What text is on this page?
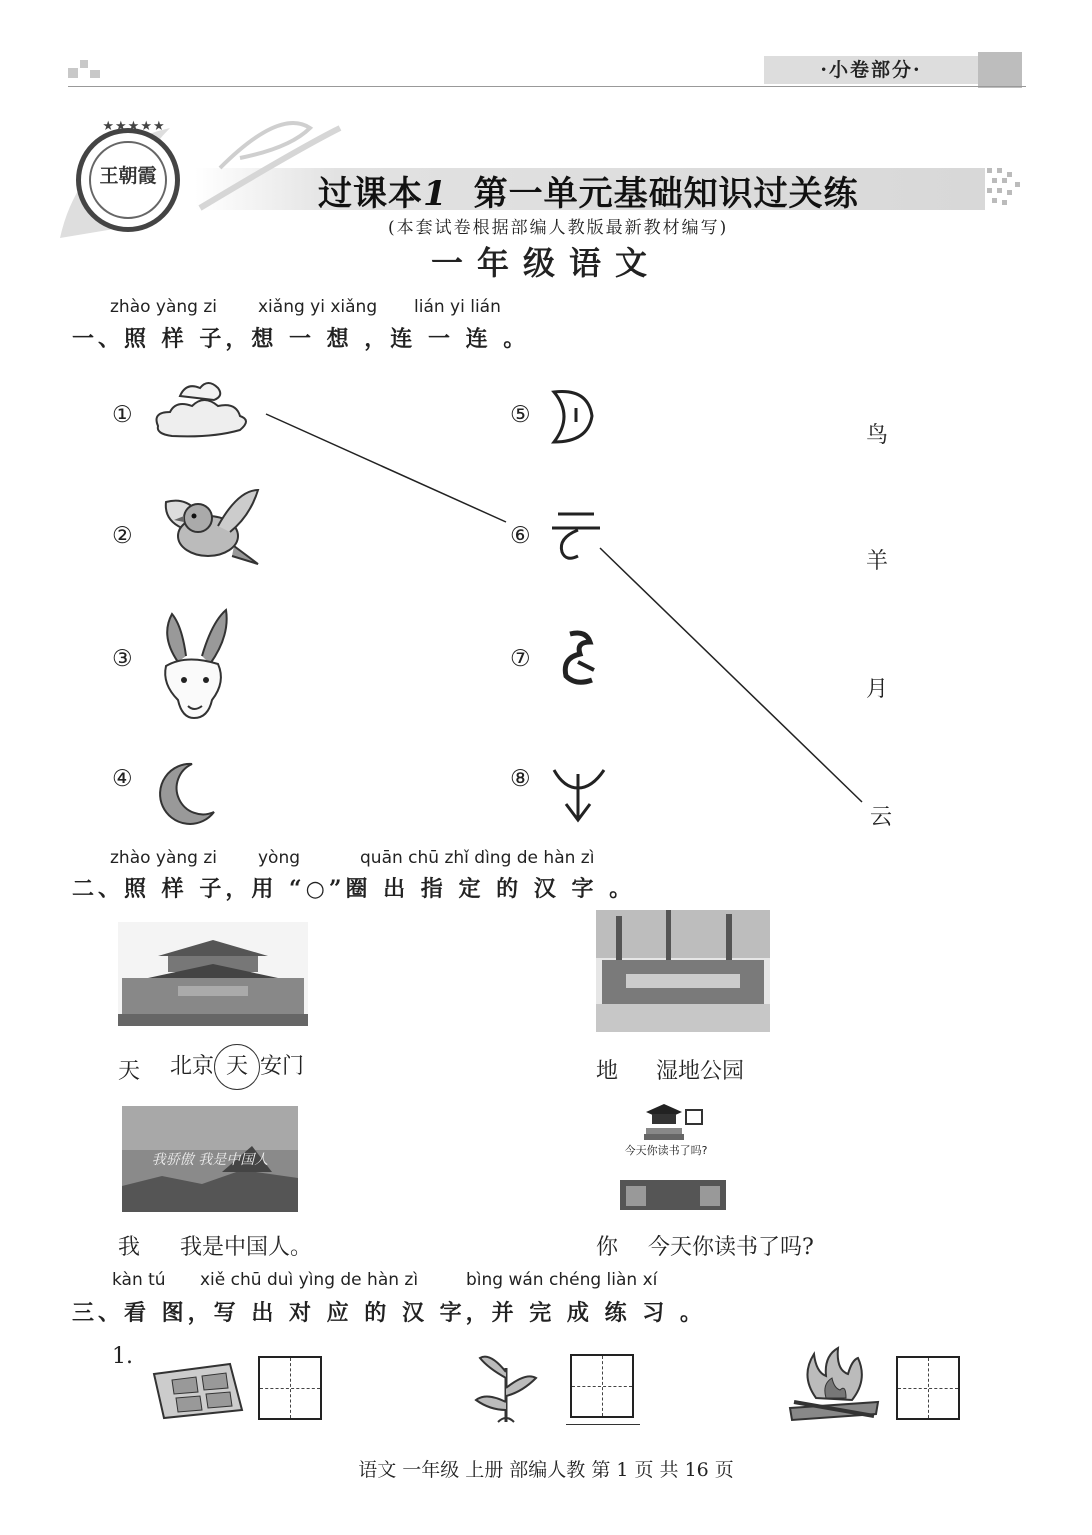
·小卷部分·
★★★★★
王朝霞	过课本1 第一单元基础知识过关练
(本套试卷根据部编人教版最新教材编写)
一年级语文
zhào yàng zi xiǎng yi xiǎng lián yi lián
一、照 样 子，想 一 想 ，连 一 连 。
①
②
③
④
⑤
⑥
⑦
⑧
鸟
羊
月
云
zhào yàng zi yòng	quān chū zhǐ dìng de hàn zì
二、照 样 子，用 “○”圈 出 指 定 的 汉 字 。
天 北京 天 安门	地 湿地公园
我骄傲 我是中国人
我 我是中国人。
今天你读书了吗?
你 今天你读书了吗?
kàn tú xiě chū duì yìng de hàn zì	bìng wán chéng liàn xí
三、看 图，写 出 对 应 的 汉 字，并 完 成 练 习 。
1.
语文 一年级 上册 部编人教 第 1 页 共 16 页
